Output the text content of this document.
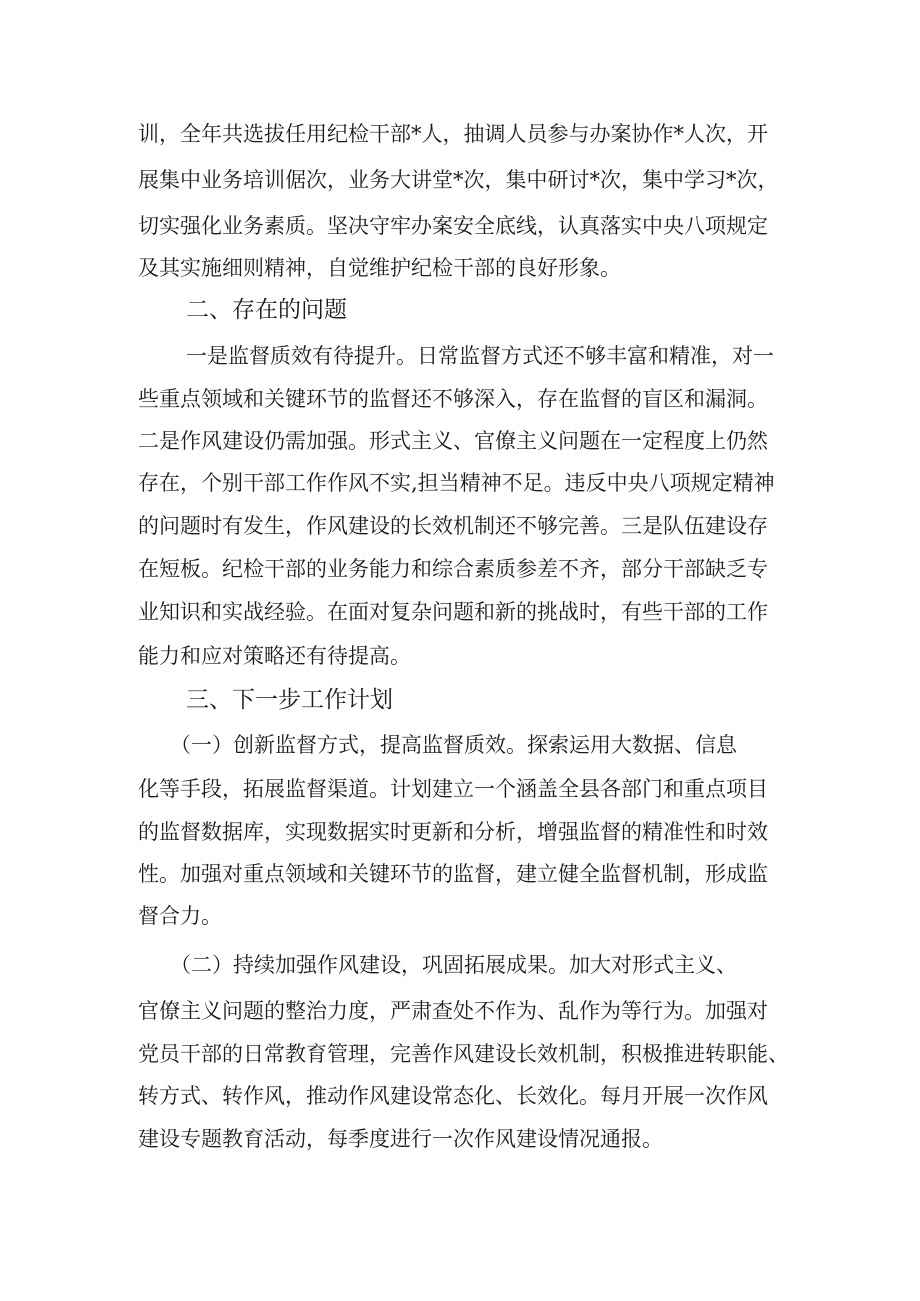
训，全年共选拔任用纪检干部*人，抽调人员参与办案协作*人次，开
展集中业务培训倨次，业务大讲堂*次，集中研讨*次，集中学习*次，
切实强化业务素质。坚决守牢办案安全底线，认真落实中央八项规定
及其实施细则精神，自觉维护纪检干部的良好形象。
二、存在的问题
一是监督质效有待提升。日常监督方式还不够丰富和精准，对一
些重点领域和关键环节的监督还不够深入，存在监督的盲区和漏洞。
二是作风建设仍需加强。形式主义、官僚主义问题在一定程度上仍然
存在，个别干部工作作风不实,担当精神不足。违反中央八项规定精神
的问题时有发生，作风建设的长效机制还不够完善。三是队伍建设存
在短板。纪检干部的业务能力和综合素质参差不齐，部分干部缺乏专
业知识和实战经验。在面对复杂问题和新的挑战时，有些干部的工作
能力和应对策略还有待提高。
三、下一步工作计划
（一）创新监督方式，提高监督质效。探索运用大数据、信息
化等手段，拓展监督渠道。计划建立一个涵盖全县各部门和重点项目
的监督数据库，实现数据实时更新和分析，增强监督的精准性和时效
性。加强对重点领域和关键环节的监督，建立健全监督机制，形成监
督合力。
（二）持续加强作风建设，巩固拓展成果。加大对形式主义、
官僚主义问题的整治力度，严肃查处不作为、乱作为等行为。加强对
党员干部的日常教育管理，完善作风建设长效机制，积极推进转职能、
转方式、转作风，推动作风建设常态化、长效化。每月开展一次作风
建设专题教育活动，每季度进行一次作风建设情况通报。
